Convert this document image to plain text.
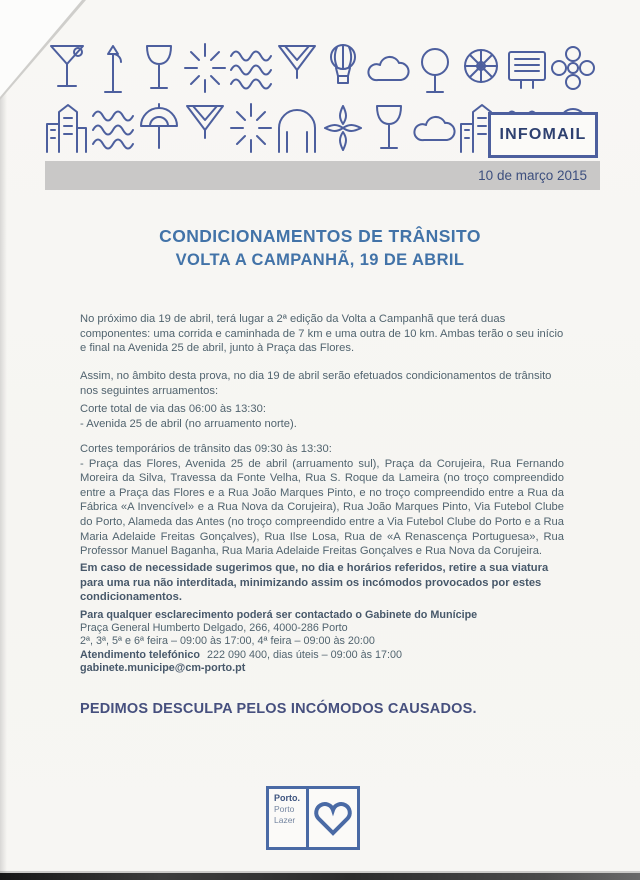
INFOMAIL
10 de março 2015
CONDICIONAMENTOS DE TRÂNSITO
VOLTA A CAMPANHÃ, 19 DE ABRIL
No próximo dia 19 de abril, terá lugar a 2ª edição da Volta a Campanhã que terá duas componentes: uma corrida e caminhada de 7 km e uma outra de 10 km. Ambas terão o seu início e final na Avenida 25 de abril, junto à Praça das Flores.
Assim, no âmbito desta prova, no dia 19 de abril serão efetuados condicionamentos de trânsito nos seguintes arruamentos:
Corte total de via das 06:00 às 13:30:
- Avenida 25 de abril (no arruamento norte).
Cortes temporários de trânsito das 09:30 às 13:30:
- Praça das Flores, Avenida 25 de abril (arruamento sul), Praça da Corujeira, Rua Fernando Moreira da Silva, Travessa da Fonte Velha, Rua S. Roque da Lameira (no troço compreendido entre a Praça das Flores e a Rua João Marques Pinto, e no troço compreendido entre a Rua da Fábrica «A Invencível» e a Rua Nova da Corujeira), Rua João Marques Pinto, Via Futebol Clube do Porto, Alameda das Antes (no troço compreendido entre a Via Futebol Clube do Porto e a Rua Maria Adelaide Freitas Gonçalves), Rua Ilse Losa, Rua de «A Renascença Portuguesa», Rua Professor Manuel Baganha, Rua Maria Adelaide Freitas Gonçalves e Rua Nova da Corujeira.
Em caso de necessidade sugerimos que, no dia e horários referidos, retire a sua viatura para uma rua não interditada, minimizando assim os incómodos provocados por estes condicionamentos.
Para qualquer esclarecimento poderá ser contactado o Gabinete do Munícipe
Praça General Humberto Delgado, 266, 4000-286 Porto
2ª, 3ª, 5ª e 6ª feira – 09:00 às 17:00, 4ª feira – 09:00 às 20:00
Atendimento telefónico 222 090 400, dias úteis – 09:00 às 17:00
gabinete.municipe@cm-porto.pt
PEDIMOS DESCULPA PELOS INCÓMODOS CAUSADOS.
Porto.
Porto
Lazer
